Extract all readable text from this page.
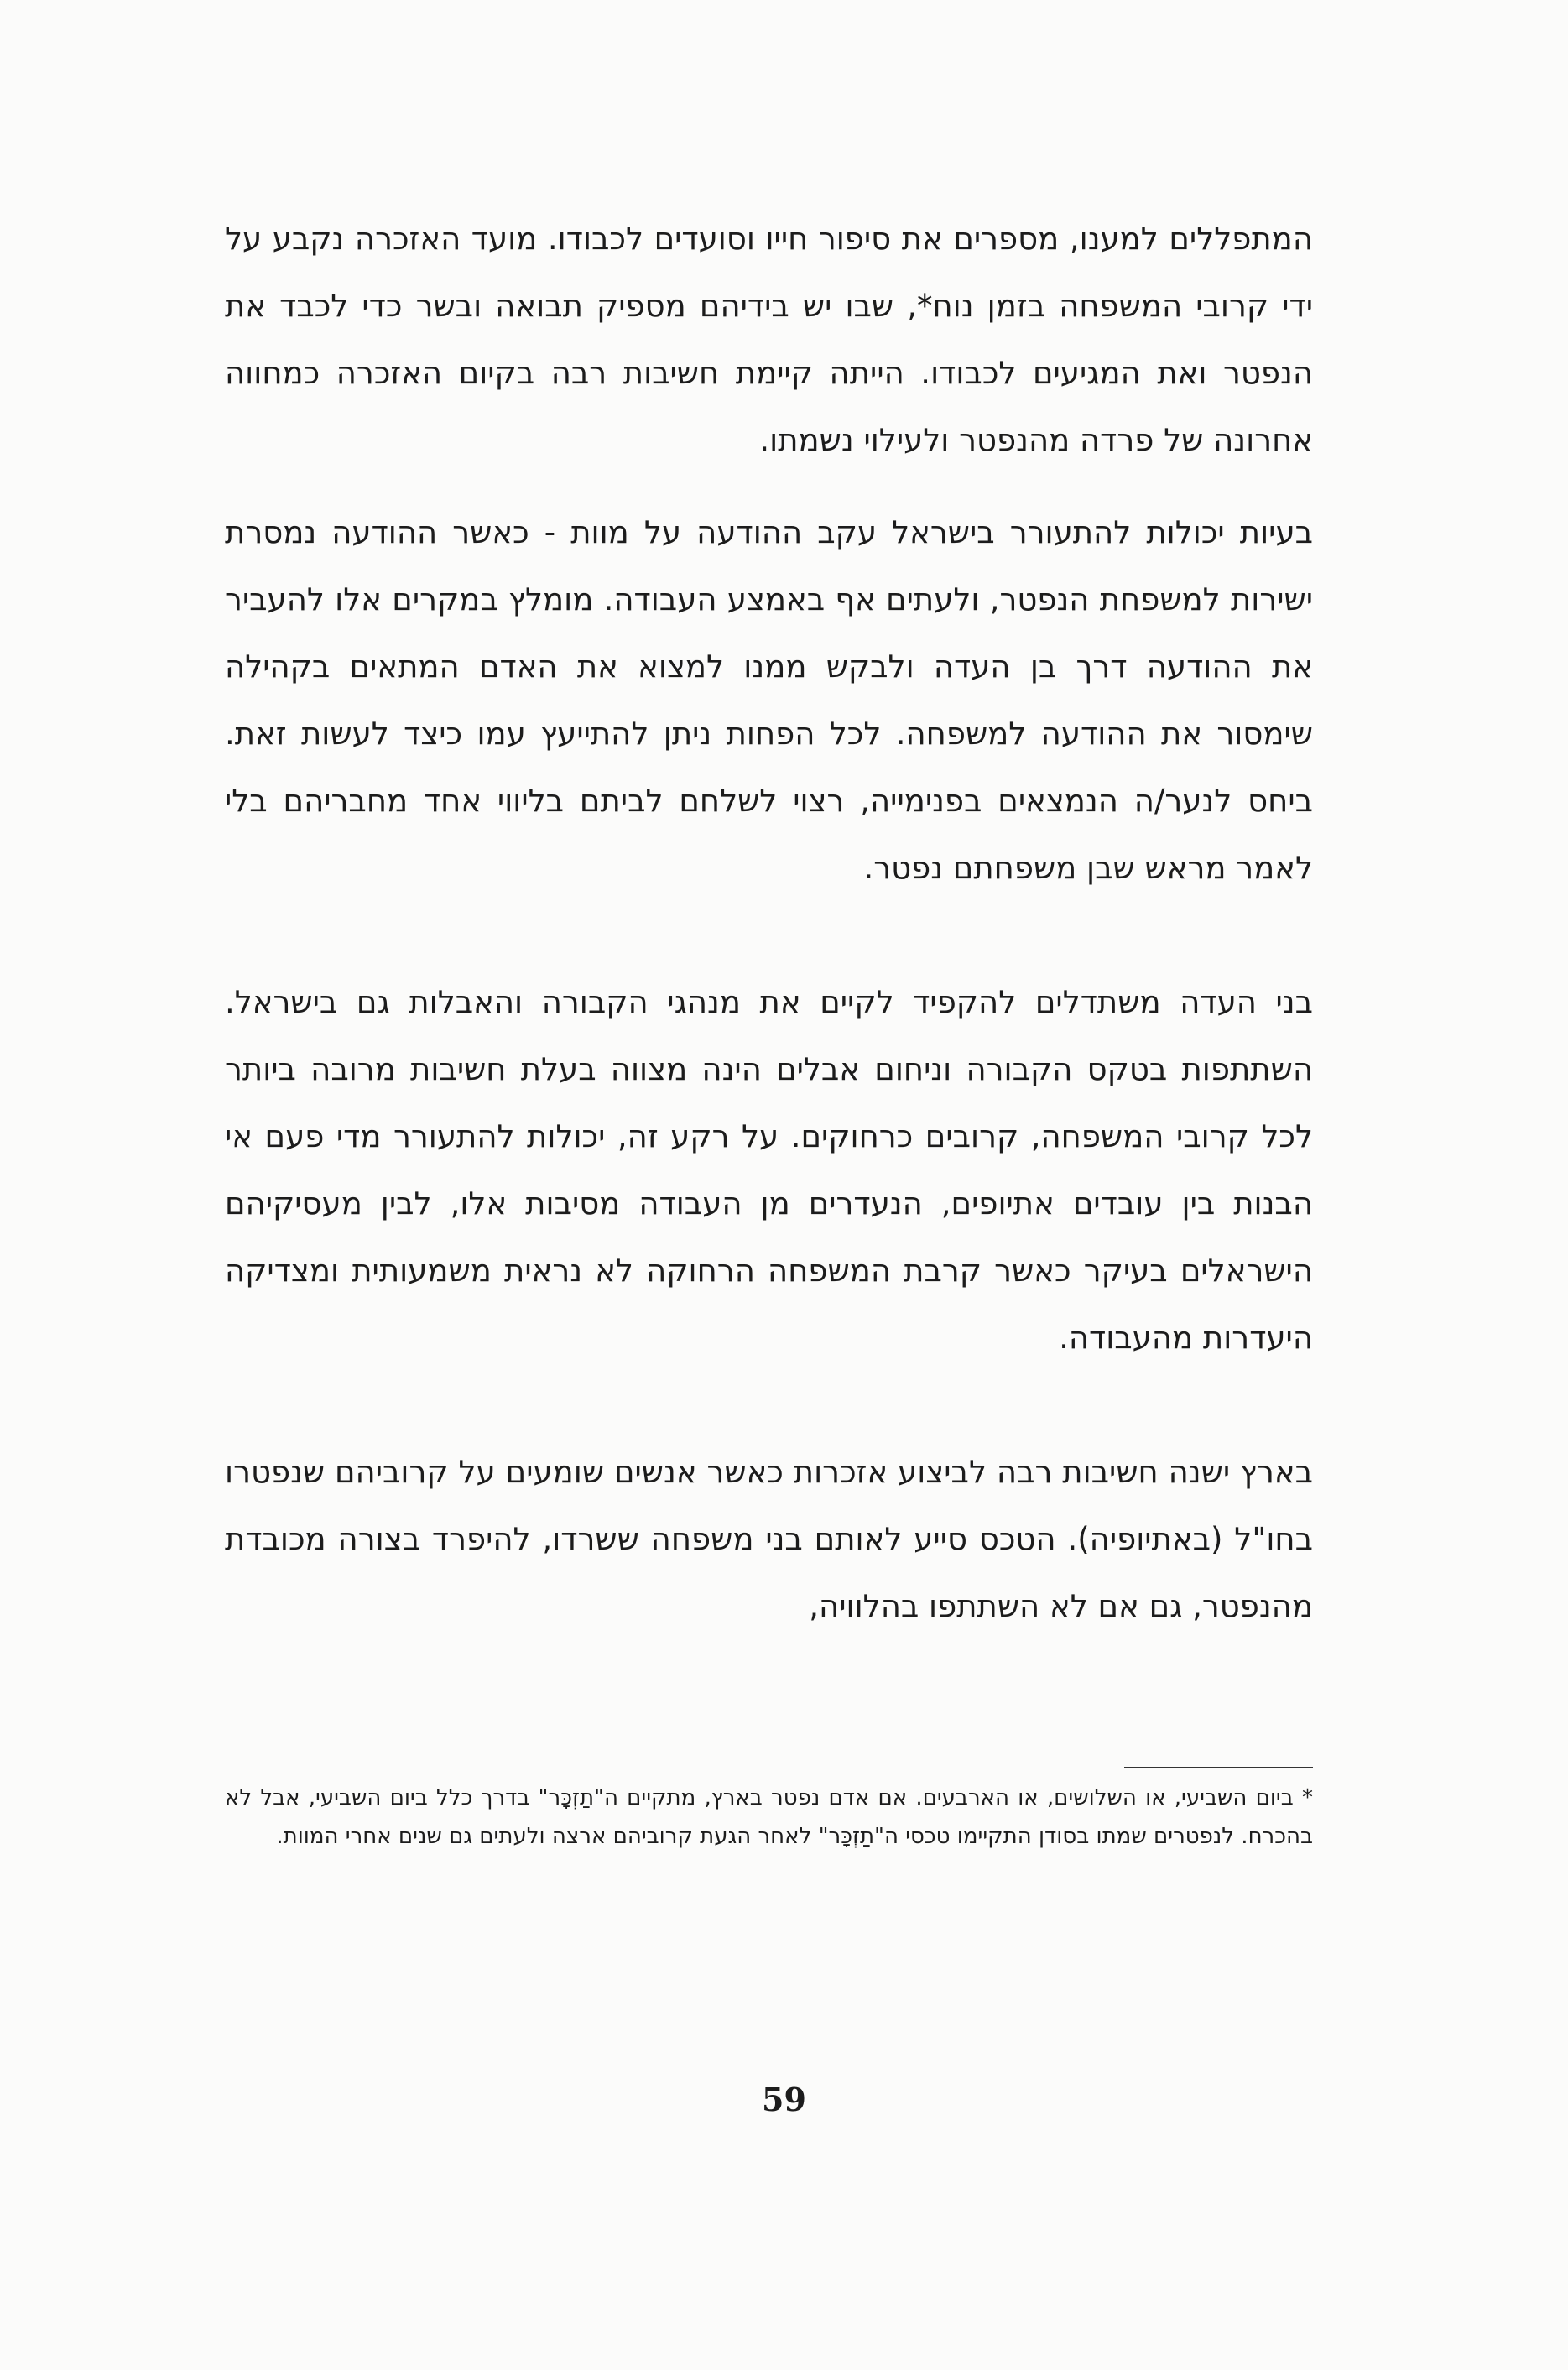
המתפללים למענו, מספרים את סיפור חייו וסועדים לכבודו. מועד האזכרה נקבע על ידי קרובי המשפחה בזמן נוח*, שבו יש בידיהם מספיק תבואה ובשר כדי לכבד את הנפטר ואת המגיעים לכבודו. הייתה קיימת חשיבות רבה בקיום האזכרה כמחווה אחרונה של פרדה מהנפטר ולעילוי נשמתו.

בעיות יכולות להתעורר בישראל עקב ההודעה על מוות - כאשר ההודעה נמסרת ישירות למשפחת הנפטר, ולעתים אף באמצע העבודה. מומלץ במקרים אלו להעביר את ההודעה דרך בן העדה ולבקש ממנו למצוא את האדם המתאים בקהילה שימסור את ההודעה למשפחה. לכל הפחות ניתן להתייעץ עמו כיצד לעשות זאת. ביחס לנער/ה הנמצאים בפנימייה, רצוי לשלחם לביתם בליווי אחד מחבריהם בלי לאמר מראש שבן משפחתם נפטר.

בני העדה משתדלים להקפיד לקיים את מנהגי הקבורה והאבלות גם בישראל. השתתפות בטקס הקבורה וניחום אבלים הינה מצווה בעלת חשיבות מרובה ביותר לכל קרובי המשפחה, קרובים כרחוקים. על רקע זה, יכולות להתעורר מדי פעם אי הבנות בין עובדים אתיופים, הנעדרים מן העבודה מסיבות אלו, לבין מעסיקיהם הישראלים בעיקר כאשר קרבת המשפחה הרחוקה לא נראית משמעותית ומצדיקה היעדרות מהעבודה.

בארץ ישנה חשיבות רבה לביצוע אזכרות כאשר אנשים שומעים על קרוביהם שנפטרו בחו"ל (באתיופיה). הטכס סייע לאותם בני משפחה ששרדו, להיפרד בצורה מכובדת מהנפטר, גם אם לא השתתפו בהלוויה,

* ביום השביעי, או השלושים, או הארבעים. אם אדם נפטר בארץ, מתקיים ה"תַזְכָּר" בדרך כלל ביום השביעי, אבל לא בהכרח. לנפטרים שמתו בסודן התקיימו טכסי ה"תַזְכָּר" לאחר הגעת קרוביהם ארצה ולעתים גם שנים אחרי המוות.

59
